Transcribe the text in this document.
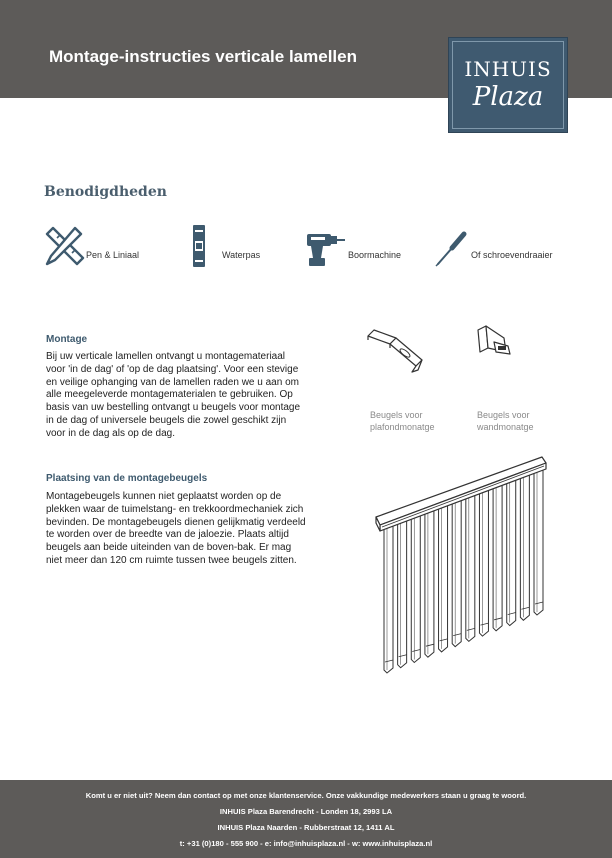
Montage-instructies verticale lamellen
INHUIS
Plaza
Benodigdheden
Pen & Liniaal	Waterpas	Boormachine	Of schroevendraaier
Montage
Bij uw verticale lamellen ontvangt u montagemateriaal
voor 'in de dag' of 'op de dag plaatsing'. Voor een stevige
en veilige ophanging van de lamellen raden we u aan om
alle meegeleverde montagematerialen te gebruiken. Op
basis van uw bestelling ontvangt u beugels voor montage
in de dag of universele beugels die zowel geschikt zijn
voor in de dag als op de dag.
Beugels voor
plafondmonatge
Beugels voor
wandmonatge
Plaatsing van de montagebeugels
Montagebeugels kunnen niet geplaatst worden op de
plekken waar de tuimelstang- en trekkoordmechaniek zich
bevinden. De montagebeugels dienen gelijkmatig verdeeld
te worden over de breedte van de jaloezie. Plaats altijd
beugels aan beide uiteinden van de boven-bak. Er mag
niet meer dan 120 cm ruimte tussen twee beugels zitten.
Komt u er niet uit? Neem dan contact op met onze klantenservice. Onze vakkundige medewerkers staan u graag te woord.
INHUIS Plaza Barendrecht - Londen 18, 2993 LA
INHUIS Plaza Naarden - Rubberstraat 12, 1411 AL
t: +31 (0)180 - 555 900 - e: info@inhuisplaza.nl - w: www.inhuisplaza.nl
